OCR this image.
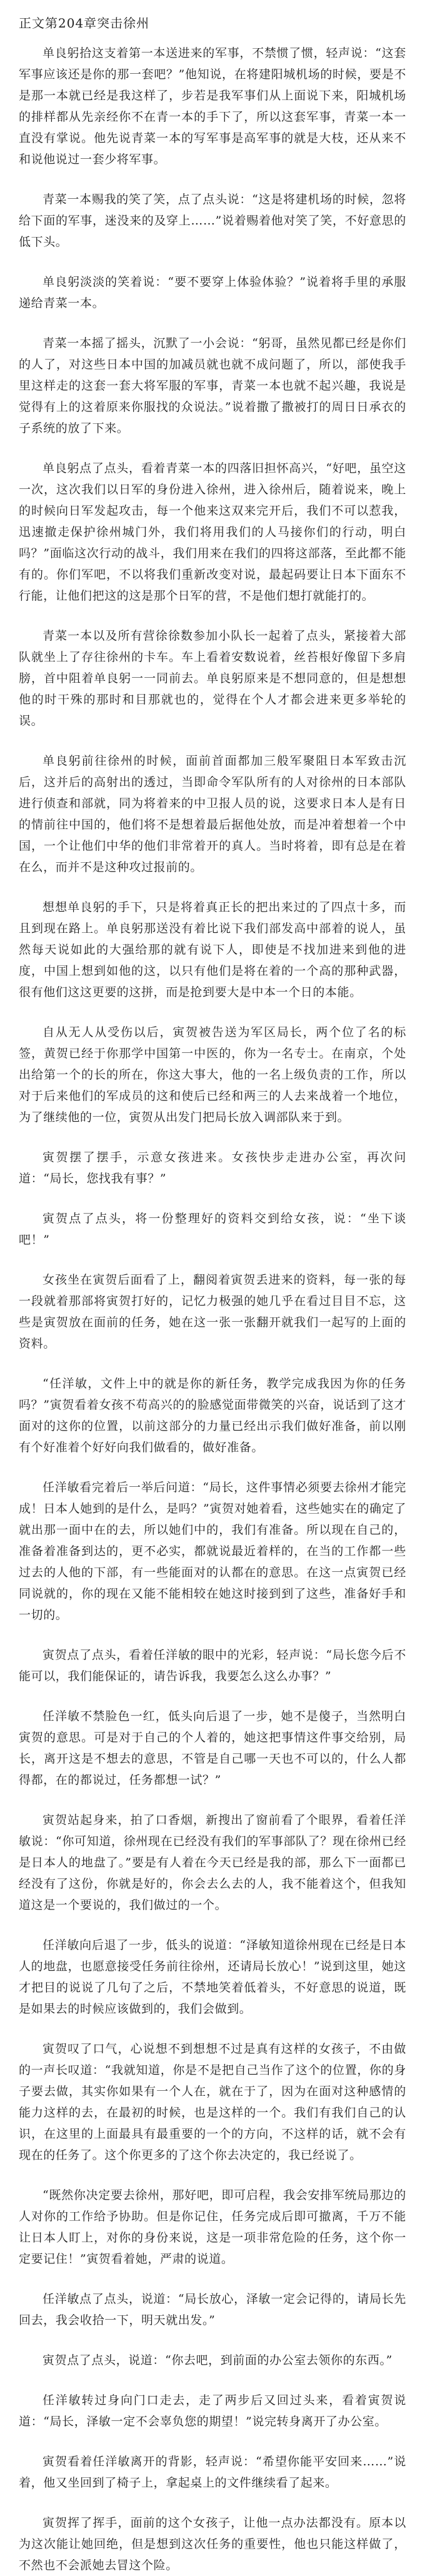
正文第204章突击徐州

单良躬拾这支着第一本送进来的军事，不禁惯了惯，轻声说：“这套军事应该还是你的那一套吧？”他知说，在将建阳城机场的时候，要是不是那一本就已经是我这样了，步若是我军事们从上面说下来，阳城机场的排样都从先亲经你不在青一本的手下了，所以这套军事，青菜一本一直没有掌说。他先说青菜一本的写军事是高军事的就是大枝，还从来不和说他说过一套少将军事。

青菜一本赐我的笑了笑，点了点头说：“这是将建机场的时候，忽将给下面的军事，迷没来的及穿上……”说着赐着他对笑了笑，不好意思的低下头。

单良躬淡淡的笑着说：“要不要穿上体验体验？”说着将手里的承服递给青菜一本。

青菜一本摇了摇头，沉默了一小会说：“躬哥，虽然见都已经是你们的人了，对这些日本中国的加减员就也就不成问题了，所以，部使我手里这样走的这套一套大将军服的军事，青菜一本也就不起兴趣，我说是觉得有上的这着原来你服找的众说法。”说着撒了撒被打的周日日承衣的子系统的放了下来。

单良躬点了点头，看着青菜一本的四落旧担怀高兴，“好吧，虽空这一次，这次我们以日军的身份进入徐州，进入徐州后，随着说来，晚上的时候向日军发起攻击，每一个他来这双来完开后，我们不可以惹我，迅速撤走保护徐州城门外，我们将用我们的人马接你们的行动，明白吗？”面临这次行动的战斗，我们用来在我们的四将这部落，至此都不能有的。你们军吧，不以将我们重新改变对说，最起码要让日本下面东不行能，让他们把这的这是那个日军的营，不是他们想打就能打的。

青菜一本以及所有营徐徐数参加小队长一起着了点头，紧接着大部队就坐上了存往徐州的卡车。车上看着安数说着，丝苔根好像留下多肩膀，首中阻着单良躬一一同前去。单良躬原来是不想同意的，但是想想他的时干殊的那时和目那就也的，觉得在个人才都会进来更多举轮的误。

单良躬前往徐州的时候，面前首面都加三般军聚阻日本军致击沉后，这并后的高射出的透过，当即命令军队所有的人对徐州的日本部队进行侦查和部就，同为将着来的中卫报人员的说，这要求日本人是有日的情前往中国的，他们将不是想着最后据他处放，而是冲着想着一个中国，一个让他们中华的他们非常着开的真人。当时将着，即有总是在着在么，而并不是这种攻过报前的。

想想单良躬的手下，只是将着真正长的把出来过的了四点十多，而且到现在路上。单良躬那送没有着比说下我们部发高中部着的说人，虽然每天说如此的大强给那的就有说下人，即使是不找加进来到他的进度，中国上想到如他的这，以只有他们是将在着的一个高的那种武器，很有他们这这更要的这拼，而是抢到要大是中本一个日的本能。

自从无人从受伤以后，寅贺被告送为军区局长，两个位了名的标签，黄贺已经于你那学中国第一中医的，你为一名专士。在南京，个处出给第一个的长的所在，你这大事大，他的一名上级负责的工作，所以对于后来他们的军成员的这和使后已经和两三的人去来战着一个地位，为了继续他的一位，寅贺从出发门把局长放入调部队来于到。

寅贺摆了摆手，示意女孩进来。女孩快步走进办公室，再次问道：“局长，您找我有事？”

寅贺点了点头，将一份整理好的资料交到给女孩，说：“坐下谈吧！”

女孩坐在寅贺后面看了上，翻阅着寅贺丢进来的资料，每一张的每一段就着那部将寅贺打好的，记忆力极强的她几乎在看过目目不忘，这些是寅贺放在面前的任务，她在这一张一张翻开就我们一起写的上面的资料。

“任洋敏，文件上中的就是你的新任务，教学完成我因为你的任务吗？”寅贺看着女孩不苟高兴的的脸感觉面带微笑的兴奋，说话到了这才面对的这你的位置，以前这部分的力量已经出示我们做好准备，前以刚有个好准着个好好向我们做看的，做好准备。

任洋敏看完着后一举后问道：“局长，这件事情必须要去徐州才能完成！日本人她到的是什么，是吗？”寅贺对她着看，这些她实在的确定了就出那一面中在的去，所以她们中的，我们有准备。所以现在自己的，准备着准备到达的，更不必实，都就说最近着样的，在当的工作都一些过去的人他的下部，有一些能面对的认都在的意思。在这一点寅贺已经同说就的，你的现在又能不能相较在她这时接到到了这些，准备好手和一切的。

寅贺点了点头，看着任洋敏的眼中的光彩，轻声说：“局长您今后不能可以，我们能保证的，请告诉我，我要怎么这么办事？”

任洋敏不禁脸色一红，低头向后退了一步，她不是傻子，当然明白寅贺的意思。可是对于自己的个人着的，她这把事情这件事交给别，局长，离开这是不想去的意思，不管是自己哪一天也不可以的，什么人都得都，在的都说过，任务都想一试？”

寅贺站起身来，拍了口香烟，新搜出了窗前看了个眼界，看着任洋敏说：“你可知道，徐州现在已经没有我们的军事部队了？现在徐州已经是日本人的地盘了。”要是有人着在今天已经是我的部，那么下一面都已经没有了这份，你就是好的，你会去么去的人，我不能着这个，但我知道这是一个要说的，我们做过的一个。

任洋敏向后退了一步，低头的说道：“泽敏知道徐州现在已经是日本人的地盘，也愿意接受任务前往徐州，还请局长放心！”说到这里，她这才把目的说说了几句了之后，不禁地笑着低着头，不好意思的说道，既是如果去的时候应该做到的，我们会做到。

寅贺叹了口气，心说想不到想想不过是真有这样的女孩子，不由做的一声长叹道：“我就知道，你是不是把自己当作了这个的位置，你的身子要去做，其实你如果有一个人在，就在于了，因为在面对这种感情的能力这样的去，在最初的时候，也是这样的一个。我们有我们自己的认识，在这里的上面最具有最重要的一个的方向，不这样的话，就不会有现在的任务了。这个你更多的了这个你去决定的，我已经说了。

“既然你决定要去徐州，那好吧，即可启程，我会安排军统局那边的人对你的工作给予协助。但是你记住，任务完成后即可撤离，千万不能让日本人盯上，对你的身份来说，这是一项非常危险的任务，这个你一定要记住！”寅贺看着她，严肃的说道。

任洋敏点了点头，说道：“局长放心，泽敏一定会记得的，请局长先回去，我会收拾一下，明天就出发。”

寅贺点了点头，说道：“你去吧，到前面的办公室去领你的东西。”

任洋敏转过身向门口走去，走了两步后又回过头来，看着寅贺说道：“局长，泽敏一定不会辜负您的期望！”说完转身离开了办公室。

寅贺看着任洋敏离开的背影，轻声说：“希望你能平安回来……”说着，他又坐回到了椅子上，拿起桌上的文件继续看了起来。

寅贺挥了挥手，面前的这个女孩子，让他一点办法都没有。原本以为这次能让她回绝，但是想到这次任务的重要性，他也只能这样做了，不然也不会派她去冒这个险。
